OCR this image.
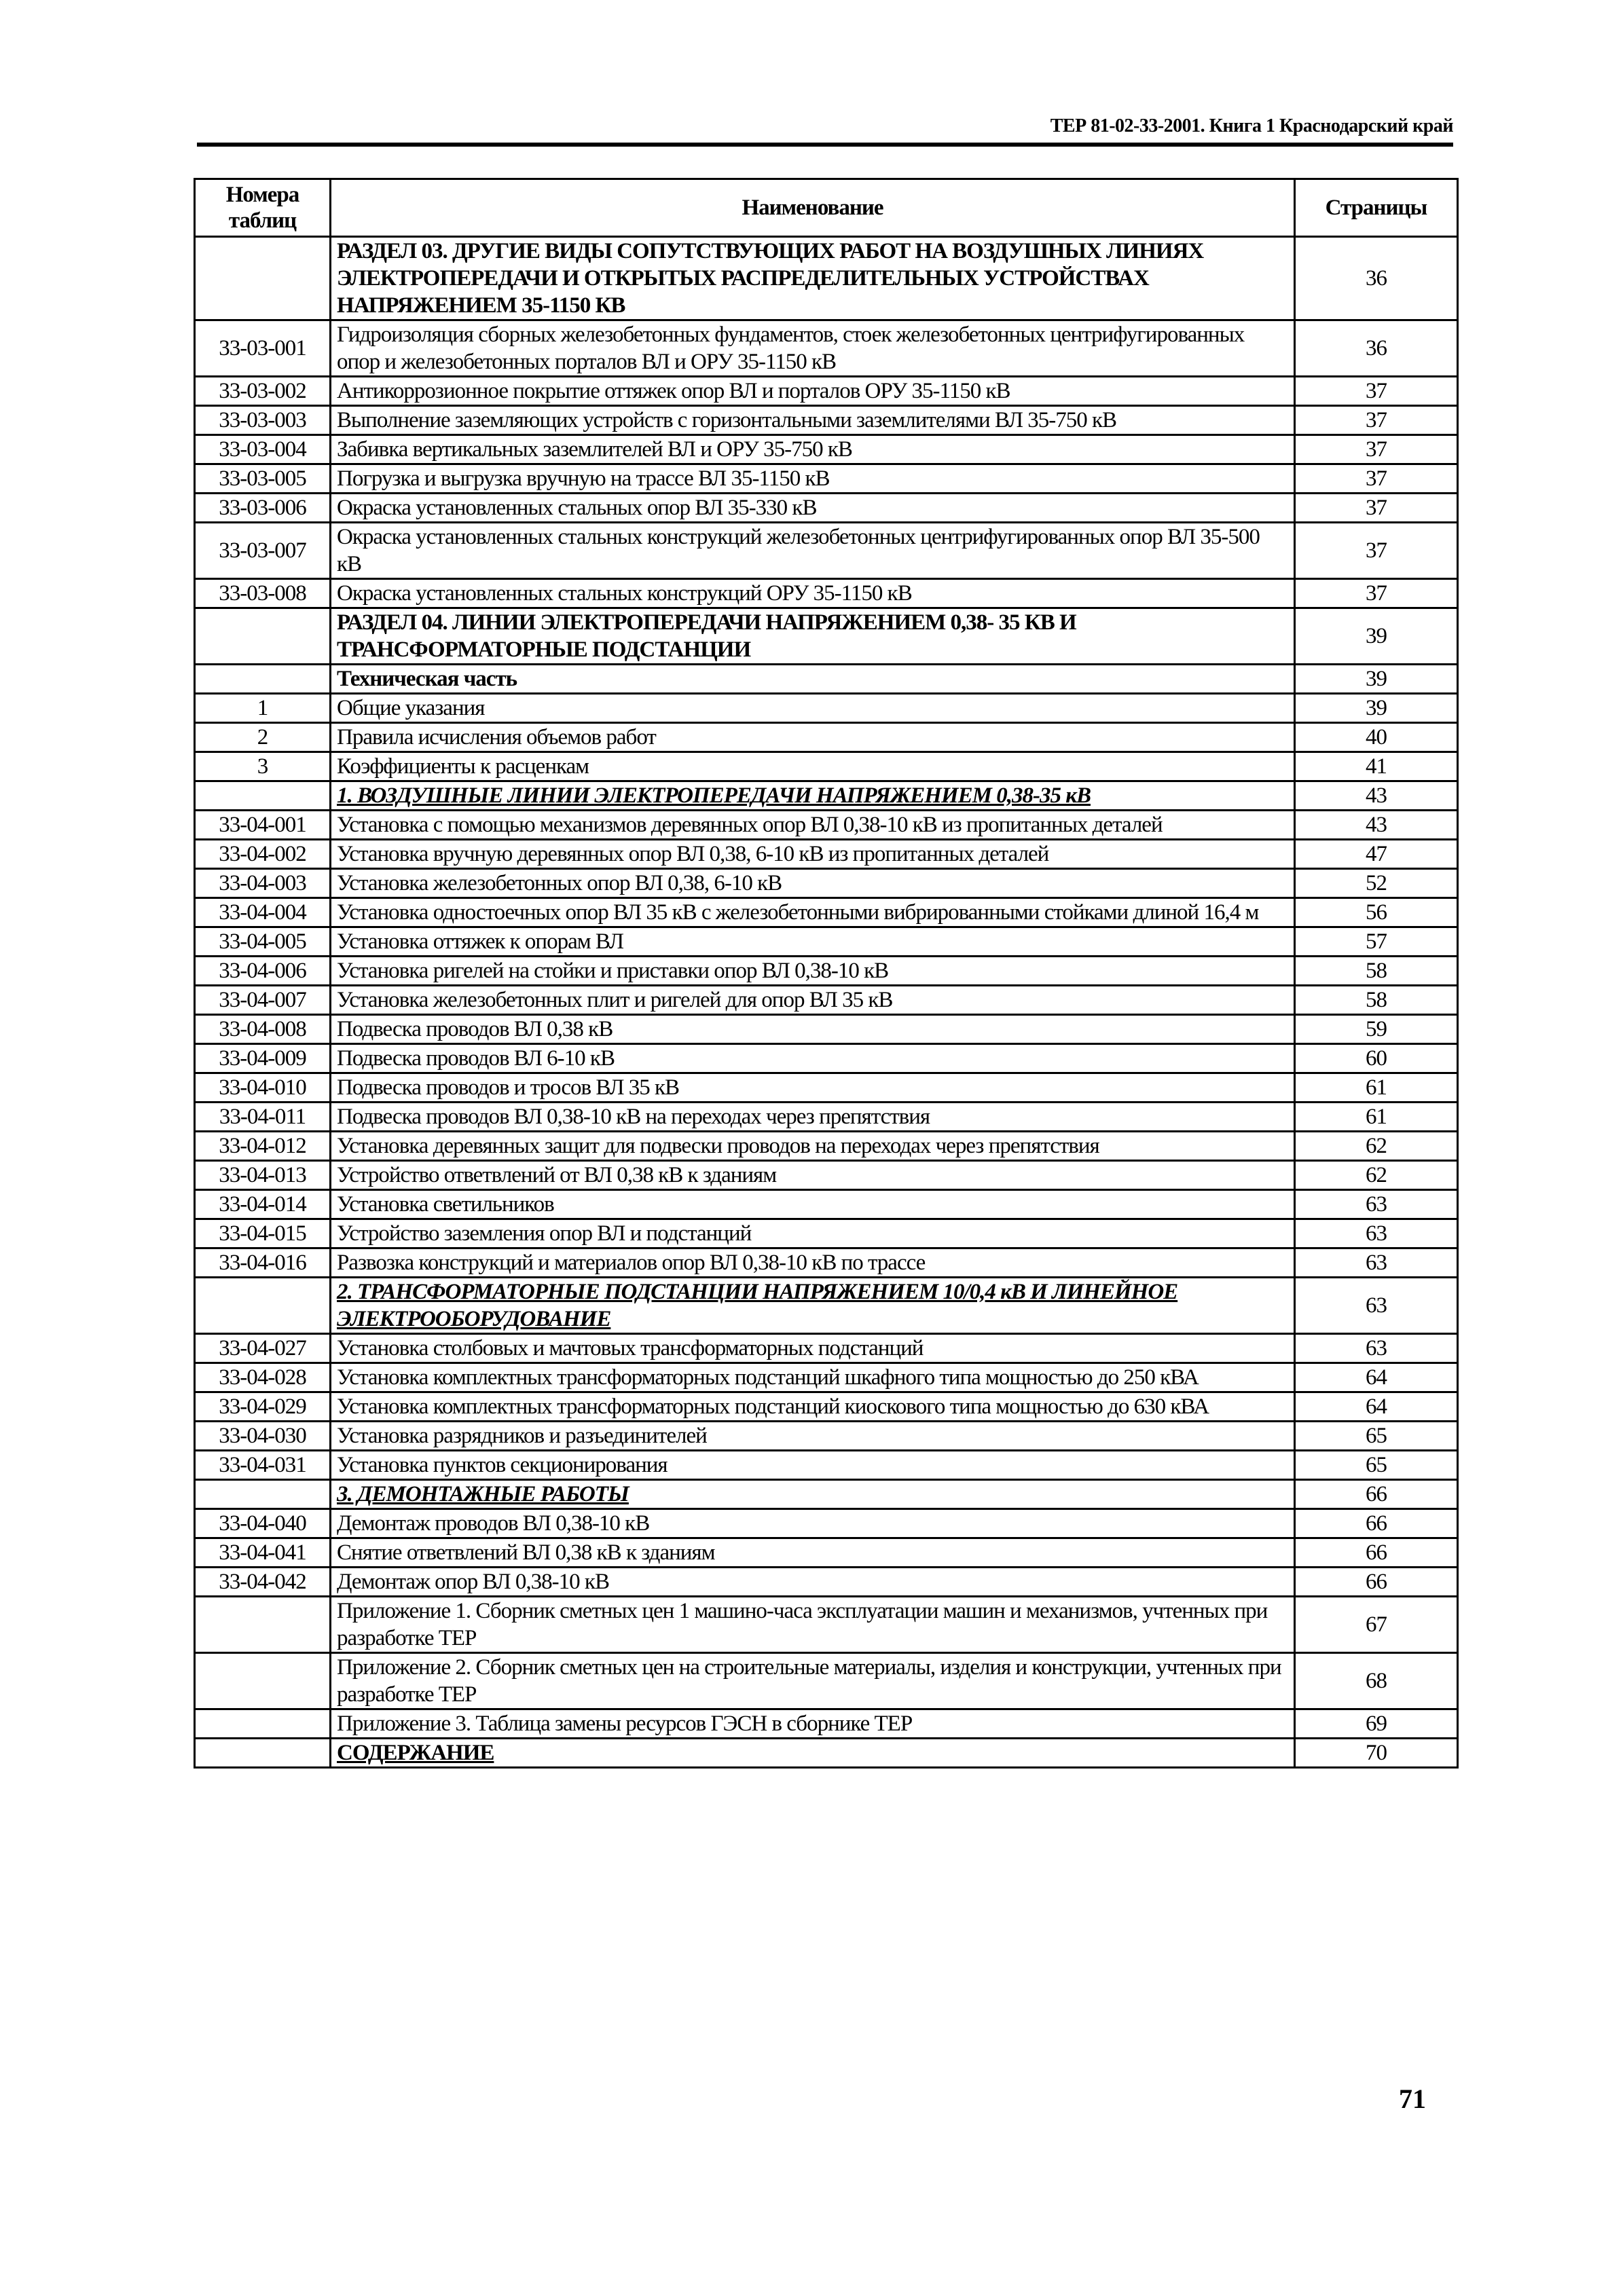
ТЕР 81-02-33-2001. Книга 1 Краснодарский край
Номера таблиц	Наименование	Страницы
	РАЗДЕЛ 03. ДРУГИЕ ВИДЫ СОПУТСТВУЮЩИХ РАБОТ НА ВОЗДУШНЫХ ЛИНИЯХ ЭЛЕКТРОПЕРЕДАЧИ И ОТКРЫТЫХ РАСПРЕДЕЛИТЕЛЬНЫХ УСТРОЙСТВАХ НАПРЯЖЕНИЕМ 35-1150 КВ	36
33-03-001	Гидроизоляция сборных железобетонных фундаментов, стоек железобетонных центрифугированных опор и железобетонных порталов ВЛ и ОРУ 35-1150 кВ	36
33-03-002	Антикоррозионное покрытие оттяжек опор ВЛ и порталов ОРУ 35-1150 кВ	37
33-03-003	Выполнение заземляющих устройств с горизонтальными заземлителями ВЛ 35-750 кВ	37
33-03-004	Забивка вертикальных заземлителей ВЛ и ОРУ 35-750 кВ	37
33-03-005	Погрузка и выгрузка вручную на трассе ВЛ 35-1150 кВ	37
33-03-006	Окраска установленных стальных опор ВЛ 35-330 кВ	37
33-03-007	Окраска установленных стальных конструкций железобетонных центрифугированных опор ВЛ 35-500 кВ	37
33-03-008	Окраска установленных стальных конструкций ОРУ 35-1150 кВ	37
	РАЗДЕЛ 04. ЛИНИИ ЭЛЕКТРОПЕРЕДАЧИ НАПРЯЖЕНИЕМ 0,38- 35 КВ И ТРАНСФОРМАТОРНЫЕ ПОДСТАНЦИИ	39
	Техническая часть	39
1	Общие указания	39
2	Правила исчисления объемов работ	40
3	Коэффициенты к расценкам	41
	1. ВОЗДУШНЫЕ ЛИНИИ ЭЛЕКТРОПЕРЕДАЧИ НАПРЯЖЕНИЕМ 0,38-35 кВ	43
33-04-001	Установка с помощью механизмов деревянных опор ВЛ 0,38-10 кВ из пропитанных деталей	43
33-04-002	Установка вручную деревянных опор ВЛ 0,38, 6-10 кВ из пропитанных деталей	47
33-04-003	Установка железобетонных опор ВЛ 0,38, 6-10 кВ	52
33-04-004	Установка одностоечных опор ВЛ 35 кВ с железобетонными вибрированными стойками длиной 16,4 м	56
33-04-005	Установка оттяжек к опорам ВЛ	57
33-04-006	Установка ригелей на стойки и приставки опор ВЛ 0,38-10 кВ	58
33-04-007	Установка железобетонных плит и ригелей для опор ВЛ 35 кВ	58
33-04-008	Подвеска проводов ВЛ 0,38 кВ	59
33-04-009	Подвеска проводов ВЛ 6-10 кВ	60
33-04-010	Подвеска проводов и тросов ВЛ 35 кВ	61
33-04-011	Подвеска проводов ВЛ 0,38-10 кВ на переходах через препятствия	61
33-04-012	Установка деревянных защит для подвески проводов на переходах через препятствия	62
33-04-013	Устройство ответвлений от ВЛ 0,38 кВ к зданиям	62
33-04-014	Установка светильников	63
33-04-015	Устройство заземления опор ВЛ и подстанций	63
33-04-016	Развозка конструкций и материалов опор ВЛ 0,38-10 кВ по трассе	63
	2. ТРАНСФОРМАТОРНЫЕ ПОДСТАНЦИИ НАПРЯЖЕНИЕМ 10/0,4 кВ И ЛИНЕЙНОЕ ЭЛЕКТРООБОРУДОВАНИЕ	63
33-04-027	Установка столбовых и мачтовых трансформаторных подстанций	63
33-04-028	Установка комплектных трансформаторных подстанций шкафного типа мощностью до 250 кВА	64
33-04-029	Установка комплектных трансформаторных подстанций киоскового типа мощностью до 630 кВА	64
33-04-030	Установка разрядников и разъединителей	65
33-04-031	Установка пунктов секционирования	65
	3. ДЕМОНТАЖНЫЕ РАБОТЫ	66
33-04-040	Демонтаж проводов ВЛ 0,38-10 кВ	66
33-04-041	Снятие ответвлений ВЛ 0,38 кВ к зданиям	66
33-04-042	Демонтаж опор ВЛ 0,38-10 кВ	66
	Приложение 1. Сборник сметных цен 1 машино-часа эксплуатации машин и механизмов, учтенных при разработке ТЕР	67
	Приложение 2. Сборник сметных цен на строительные материалы, изделия и конструкции, учтенных при разработке ТЕР	68
	Приложение 3. Таблица замены ресурсов ГЭСН в сборнике ТЕР	69
	СОДЕРЖАНИЕ	70
71
